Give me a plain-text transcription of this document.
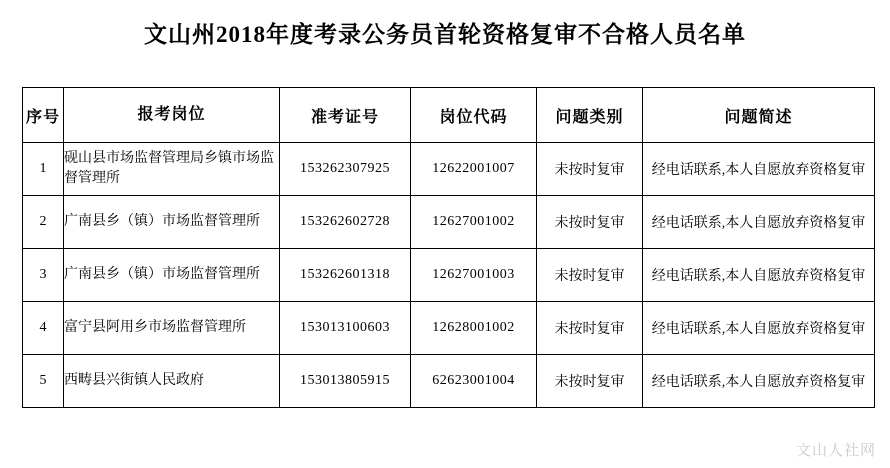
文山州2018年度考录公务员首轮资格复审不合格人员名单
序号	报考岗位	准考证号	岗位代码	问题类别	问题简述
1	砚山县市场监督管理局乡镇市场监督管理所	153262307925	12622001007	未按时复审	经电话联系,本人自愿放弃资格复审
2	广南县乡（镇）市场监督管理所	153262602728	12627001002	未按时复审	经电话联系,本人自愿放弃资格复审
3	广南县乡（镇）市场监督管理所	153262601318	12627001003	未按时复审	经电话联系,本人自愿放弃资格复审
4	富宁县阿用乡市场监督管理所	153013100603	12628001002	未按时复审	经电话联系,本人自愿放弃资格复审
5	西畴县兴街镇人民政府	153013805915	62623001004	未按时复审	经电话联系,本人自愿放弃资格复审
文山人社网
